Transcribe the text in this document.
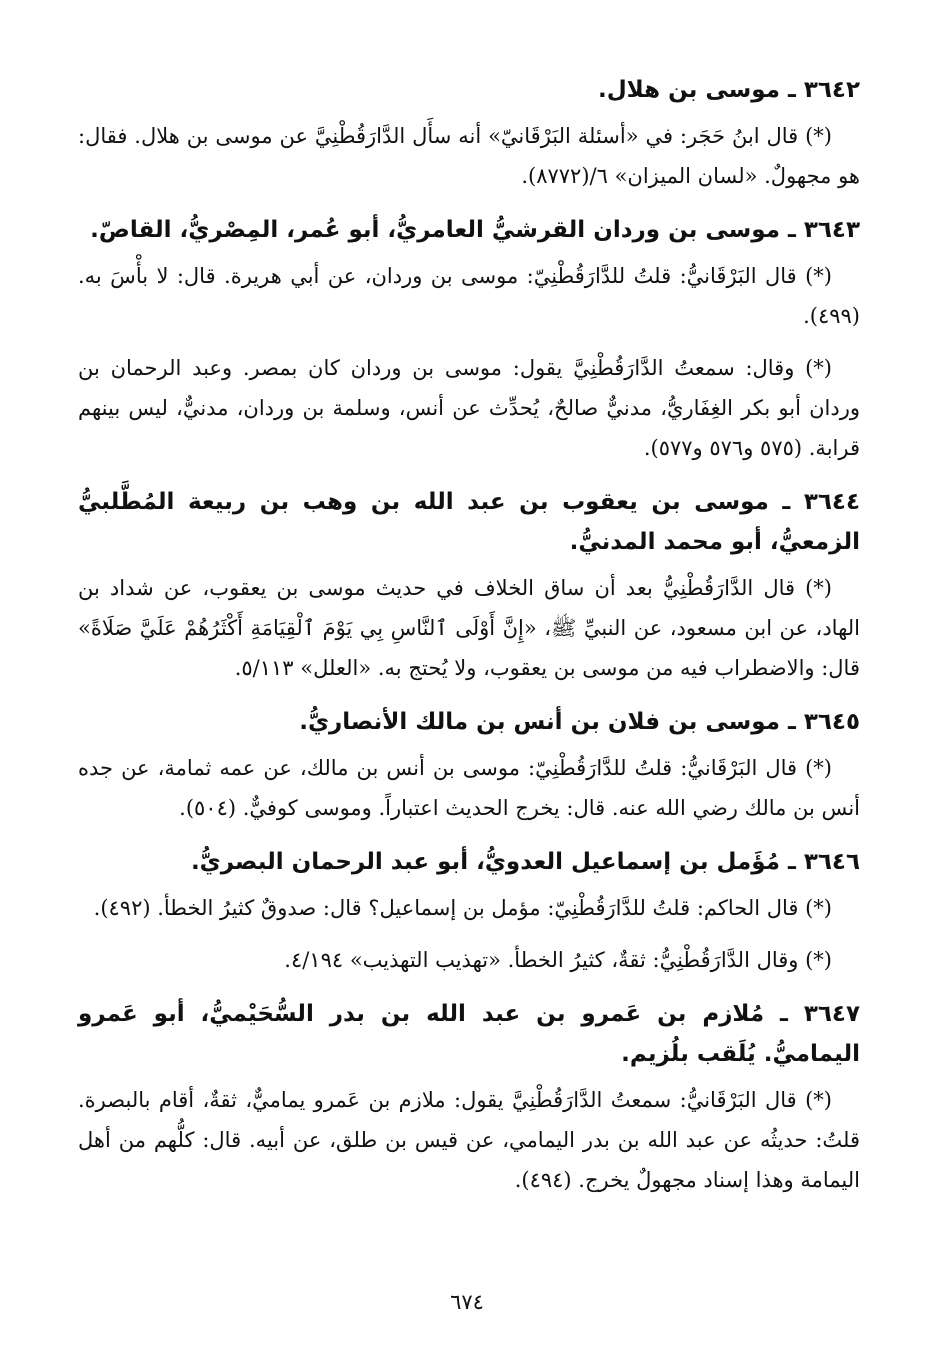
٣٦٤٢ ـ موسى بن هلال.

(*) قال ابنُ حَجَر: في «أسئلة البَرْقَانيّ» أنه سأَل الدَّارَقُطْنِيَّ عن موسى بن هلال. فقال: هو مجهولٌ. «لسان الميزان» ٦/(٨٧٧٢).

٣٦٤٣ ـ موسى بن وردان القرشيُّ العامريُّ، أبو عُمر، المِصْريُّ، القاصّ.

(*) قال البَرْقَانيُّ: قلتُ للدَّارَقُطْنِيّ: موسى بن وردان، عن أبي هريرة. قال: لا بأْسَ به. (٤٩٩).

(*) وقال: سمعتُ الدَّارَقُطْنِيَّ يقول: موسى بن وردان كان بمصر. وعبد الرحمان بن وردان أبو بكر الغِفَاريُّ، مدنيٌّ صالحٌ، يُحدِّث عن أنس، وسلمة بن وردان، مدنيٌّ، ليس بينهم قرابة. (٥٧٥ و٥٧٦ و٥٧٧).

٣٦٤٤ ـ موسى بن يعقوب بن عبد الله بن وهب بن ربيعة المُطَّلبيُّ الزمعيُّ، أبو محمد المدنيُّ.

(*) قال الدَّارَقُطْنِيُّ بعد أن ساق الخلاف في حديث موسى بن يعقوب، عن شداد بن الهاد، عن ابن مسعود، عن النبيِّ ﷺ، «إِنَّ أَوْلَى ٱلنَّاسِ بِي يَوْمَ ٱلْقِيَامَةِ أَكْثَرُهُمْ عَلَيَّ صَلَاةً» قال: والاضطراب فيه من موسى بن يعقوب، ولا يُحتج به. «العلل» ٥/١١٣.

٣٦٤٥ ـ موسى بن فلان بن أنس بن مالك الأنصاريُّ.

(*) قال البَرْقَانيُّ: قلتُ للدَّارَقُطْنِيّ: موسى بن أنس بن مالك، عن عمه ثمامة، عن جده أنس بن مالك رضي الله عنه. قال: يخرج الحديث اعتباراً. وموسى كوفيٌّ. (٥٠٤).

٣٦٤٦ ـ مُؤَمل بن إسماعيل العدويُّ، أبو عبد الرحمان البصريُّ.

(*) قال الحاكم: قلتُ للدَّارَقُطْنِيّ: مؤمل بن إسماعيل؟ قال: صدوقٌ كثيرُ الخطأ. (٤٩٢).

(*) وقال الدَّارَقُطْنِيُّ: ثقةٌ، كثيرُ الخطأ. «تهذيب التهذيب» ٤/١٩٤.

٣٦٤٧ ـ مُلازم بن عَمرو بن عبد الله بن بدر السُّحَيْميُّ، أبو عَمرو اليماميُّ. يُلَقب بلُزيم.

(*) قال البَرْقَانيُّ: سمعتُ الدَّارَقُطْنِيَّ يقول: ملازم بن عَمرو يماميٌّ، ثقةٌ، أقام بالبصرة. قلتُ: حديثُه عن عبد الله بن بدر اليمامي، عن قيس بن طلق، عن أبيه. قال: كلُّهم من أهل اليمامة وهذا إسناد مجهولٌ يخرج. (٤٩٤).

٦٧٤
